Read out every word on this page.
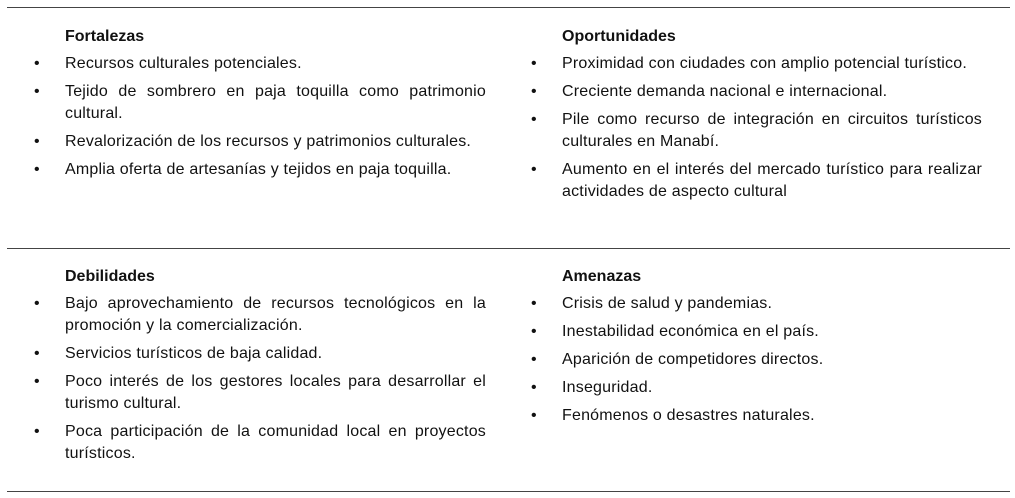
Fortalezas
• Recursos culturales potenciales.
• Tejido de sombrero en paja toquilla como patrimonio cultural.
• Revalorización de los recursos y patrimonios culturales.
• Amplia oferta de artesanías y tejidos en paja toquilla.
Oportunidades
• Proximidad con ciudades con amplio potencial turístico.
• Creciente demanda nacional e internacional.
• Pile como recurso de integración en circuitos turísticos culturales en Manabí.
• Aumento en el interés del mercado turístico para realizar actividades de aspecto cultural
Debilidades
• Bajo aprovechamiento de recursos tecnológicos en la promoción y la comercialización.
• Servicios turísticos de baja calidad.
• Poco interés de los gestores locales para desarrollar el turismo cultural.
• Poca participación de la comunidad local en proyectos turísticos.
Amenazas
• Crisis de salud y pandemias.
• Inestabilidad económica en el país.
• Aparición de competidores directos.
• Inseguridad.
• Fenómenos o desastres naturales.
